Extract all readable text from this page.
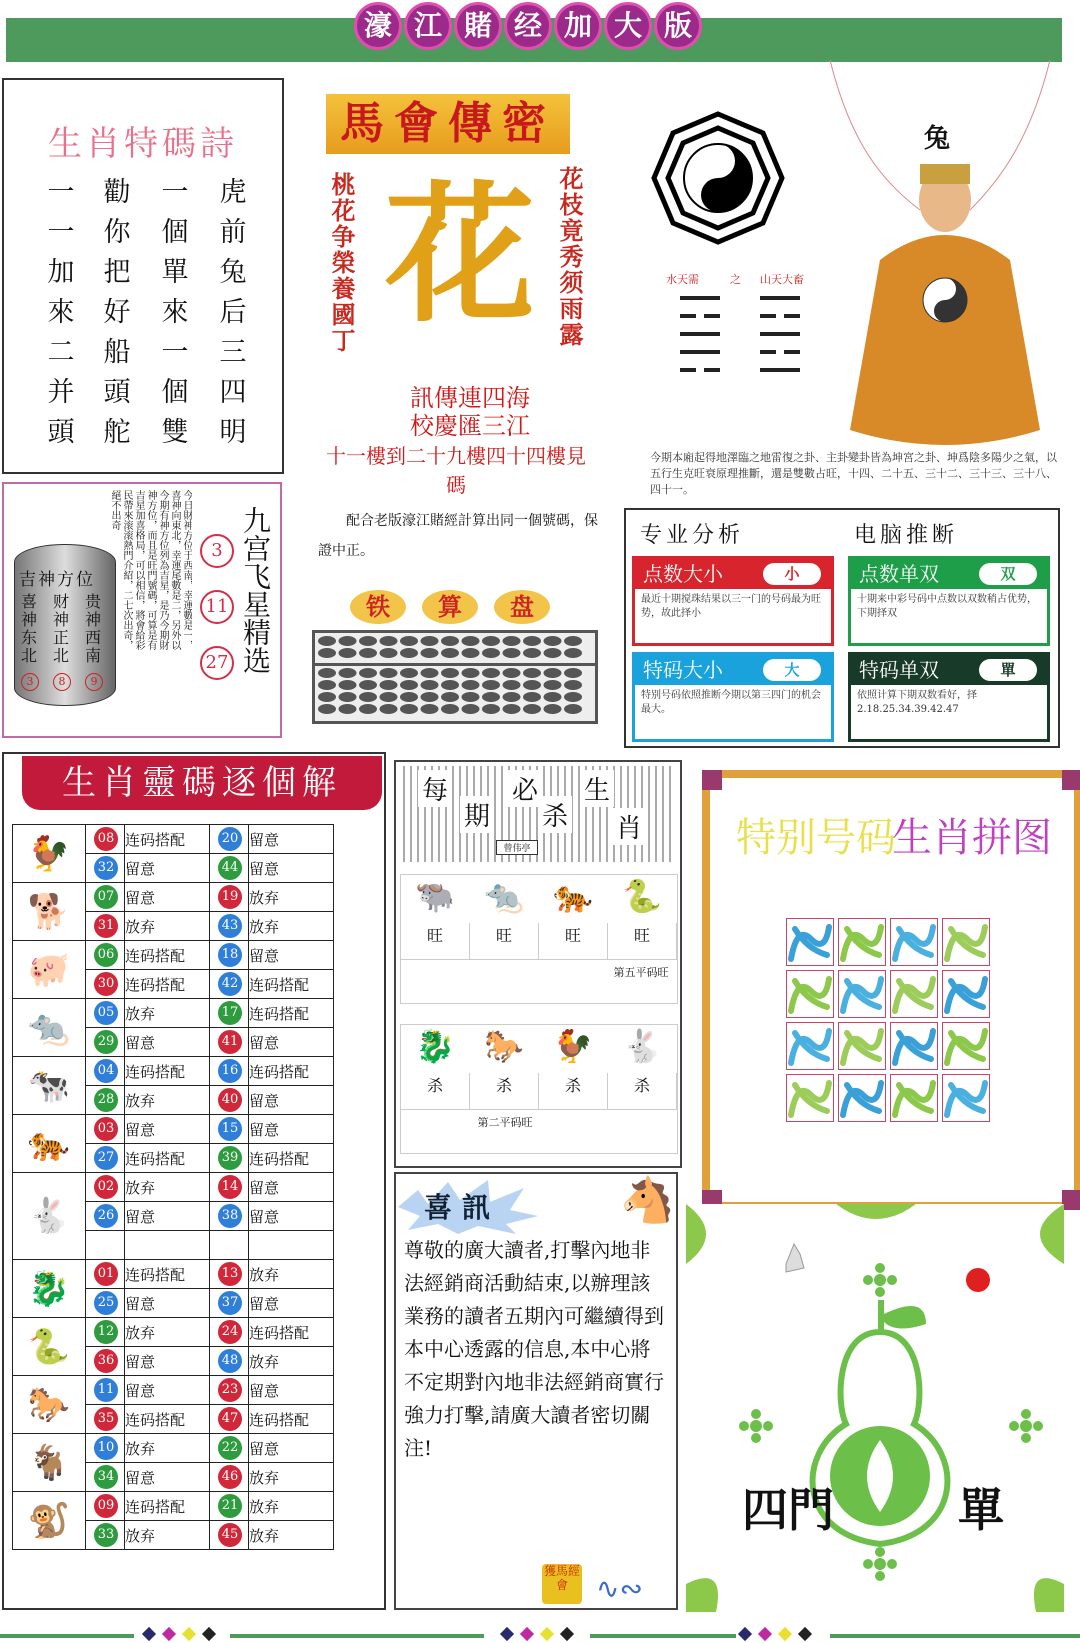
濠 江 賭 经 加 大 版
生肖特碼詩
一	勸	一	虎
一	你	個	前
加	把	單	兔
來	好	來	后
二	船	一	三
并	頭	個	四
頭	舵	雙	明
馬會傳密
桃花争榮養國丁	花枝竟秀须雨露
花
訊傳連四海
校慶匯三江
十一樓到二十九樓四十四樓見碼
配合老版濠江賭經計算出同一個號碼，保證中正。
铁	算	盘
兔
水天需	之 山天大畜
今期本廂起得地澤臨之地雷復之卦、主卦變卦皆為坤宮之卦、坤爲陰多陽少之氣，以五行生克旺衰原理推斷，還是雙數占旺，十四、二十五、三十二、三十三、三十八、四十一。
九宫飞星精选
3
11
27
今日財神方位于西南，幸運數是一，喜神向東北，幸運尾數是二，另外以今期有神方位列為吉星，是乃今期財神方位，而且是旺門號碼，可算是有吉星加喜格局，可以相信，將會給彩民帶來滚滚熱門介紹，二七次出奇，絕不出奇
吉神方位
喜神东北
3
财神正北
8
贵神西南
9
专业分析	电脑推断
点数大小	小
最近十期搅珠结果以三一门的号码最为旺势，故此择小
点数单双	双
十期来中彩号码中点数以双数稍占优势，下期择双
特码大小	大
特别号码依照推断今期以第三四门的机会最大。
特码单双	單
依照计算下期双数看好，择2.18.25.34.39.42.47
生肖靈碼逐個解
🐓	08	连码搭配	20	留意
	32	留意	44	留意
🐕	07	留意	19	放弃
	31	放弃	43	放弃
🐖	06	连码搭配	18	留意
	30	连码搭配	42	连码搭配
🐀	05	放弃	17	连码搭配
	29	留意	41	留意
🐄	04	连码搭配	16	连码搭配
	28	放弃	40	留意
🐅	03	留意	15	留意
	27	连码搭配	39	连码搭配
🐇	02	放弃	14	留意
	26	留意	38	留意

🐉	01	连码搭配	13	放弃
	25	留意	37	留意
🐍	12	放弃	24	连码搭配
	36	留意	48	放弃
🐎	11	留意	23	留意
	35	连码搭配	47	连码搭配
🐐	10	放弃	22	留意
	34	留意	46	放弃
🐒	09	连码搭配	21	放弃
	33	放弃	45	放弃
每 必 生
期 杀 肖
曾伟亭
🐃
旺
🐀
旺
🐅
旺
🐍
旺
第五平码旺
🐉
杀
🐎
杀
🐓
杀
🐇
杀
第二平码旺
喜訊	🐴
尊敬的廣大讀者,打擊內地非法經銷商活動結束,以辦理該業務的讀者五期內可繼續得到本中心透露的信息,本中心將不定期對內地非法經銷商實行強力打擊,請廣大讀者密切關注!
獲馬經會	∿∾
特别号码
生肖拼图
四門	單
